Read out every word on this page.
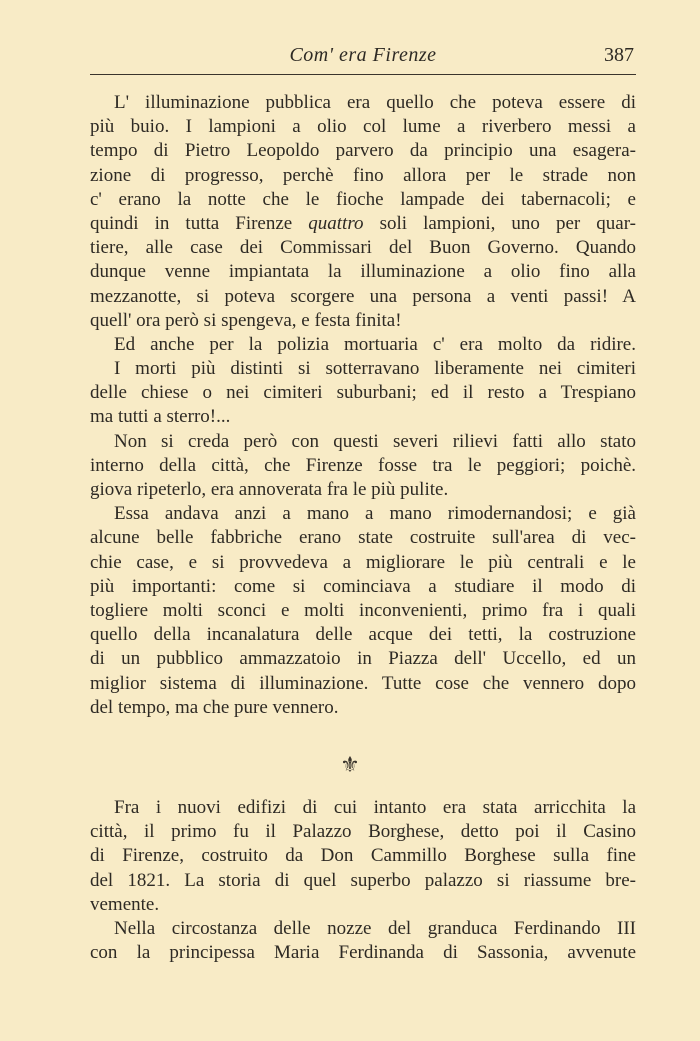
Com' era Firenze	387
L' illuminazione pubblica era quello che poteva essere di
più buio. I lampioni a olio col lume a riverbero messi a
tempo di Pietro Leopoldo parvero da principio una esagera-
zione di progresso, perchè fino allora per le strade non
c' erano la notte che le fioche lampade dei tabernacoli; e
quindi in tutta Firenze quattro soli lampioni, uno per quar-
tiere, alle case dei Commissari del Buon Governo. Quando
dunque venne impiantata la illuminazione a olio fino alla
mezzanotte, si poteva scorgere una persona a venti passi! A
quell' ora però si spengeva, e festa finita!
Ed anche per la polizia mortuaria c' era molto da ridire.
I morti più distinti si sotterravano liberamente nei cimiteri
delle chiese o nei cimiteri suburbani; ed il resto a Trespiano
ma tutti a sterro!...
Non si creda però con questi severi rilievi fatti allo stato
interno della città, che Firenze fosse tra le peggiori; poichè.
giova ripeterlo, era annoverata fra le più pulite.
Essa andava anzi a mano a mano rimodernandosi; e già
alcune belle fabbriche erano state costruite sull'area di vec-
chie case, e si provvedeva a migliorare le più centrali e le
più importanti: come si cominciava a studiare il modo di
togliere molti sconci e molti inconvenienti, primo fra i quali
quello della incanalatura delle acque dei tetti, la costruzione
di un pubblico ammazzatoio in Piazza dell' Uccello, ed un
miglior sistema di illuminazione. Tutte cose che vennero dopo
del tempo, ma che pure vennero.
⚜
Fra i nuovi edifizi di cui intanto era stata arricchita la
città, il primo fu il Palazzo Borghese, detto poi il Casino
di Firenze, costruito da Don Cammillo Borghese sulla fine
del 1821. La storia di quel superbo palazzo si riassume bre-
vemente.
Nella circostanza delle nozze del granduca Ferdinando III
con la principessa Maria Ferdinanda di Sassonia, avvenute
